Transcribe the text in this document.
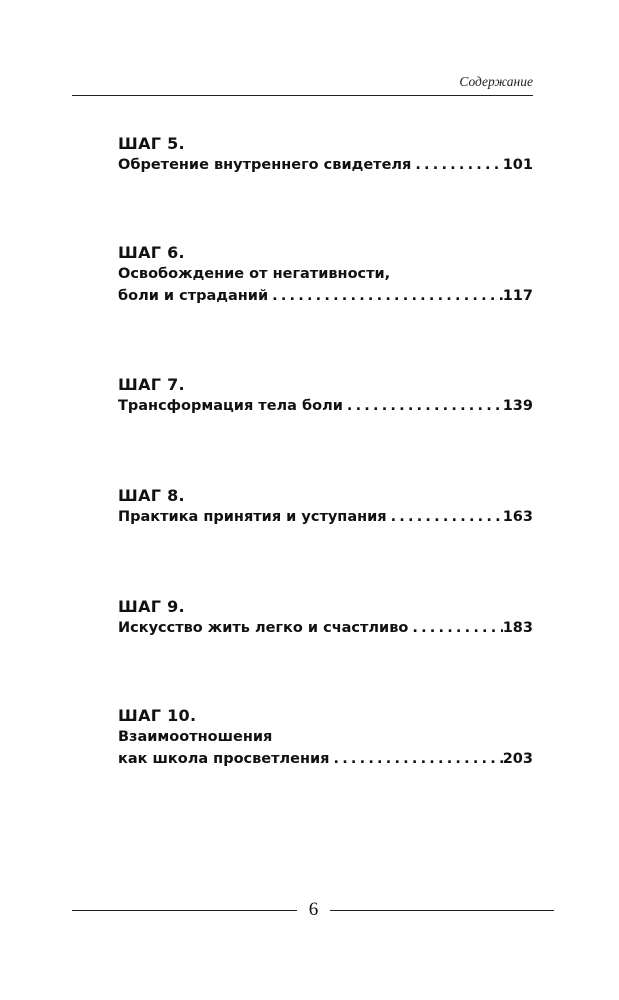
Содержание
ШАГ 5.
Обретение внутреннего свидетеля .....	101
ШАГ 6.
Освобождение от негативности,
боли и страданий .....	117
ШАГ 7.
Трансформация тела боли .....	139
ШАГ 8.
Практика принятия и уступания .....	163
ШАГ 9.
Искусство жить легко и счастливо .....	183
ШАГ 10.
Взаимоотношения
как школа просветления .....	203
6
